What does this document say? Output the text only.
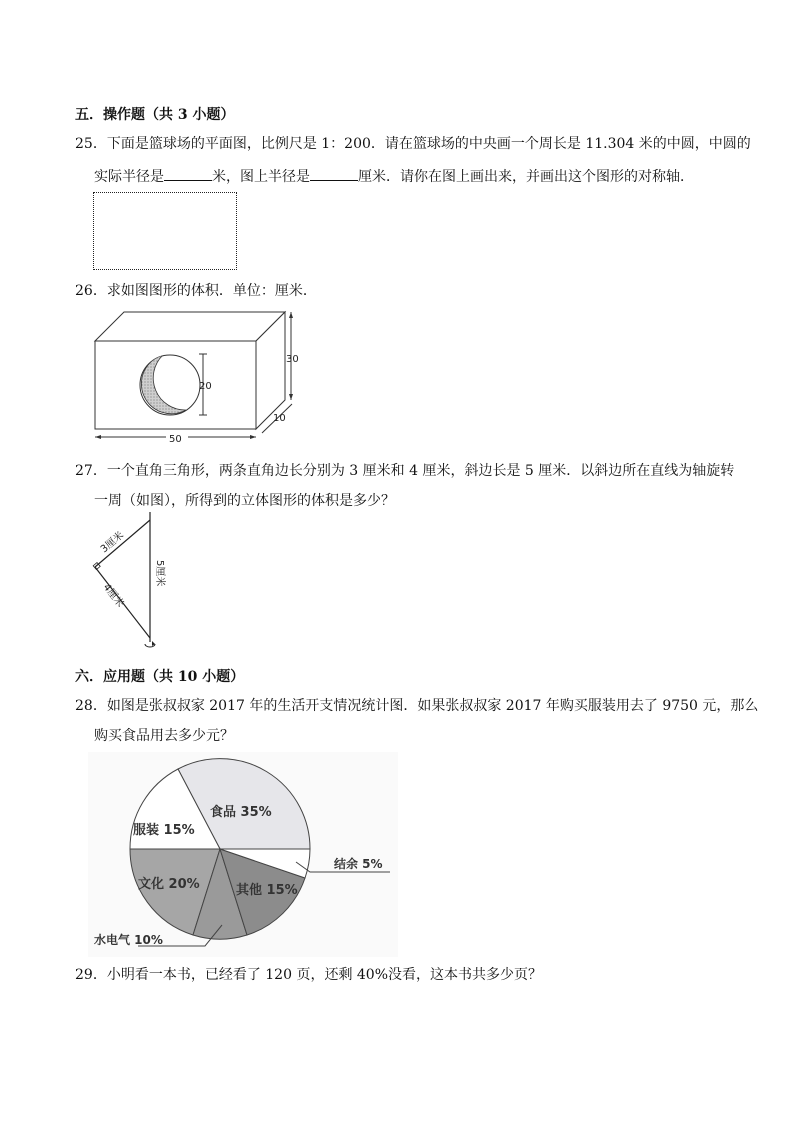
五．操作题（共 3 小题）
25．下面是篮球场的平面图，比例尺是 1：200．请在篮球场的中央画一个周长是 11.304 米的中圆，中圆的
实际半径是	米，图上半径是	厘米．请你在图上画出来，并画出这个图形的对称轴．
26．求如图图形的体积．单位：厘米．
20
30
10
50
27．一个直角三角形，两条直角边长分别为 3 厘米和 4 厘米，斜边长是 5 厘米．以斜边所在直线为轴旋转
一周（如图），所得到的立体图形的体积是多少？
3厘米
4厘米
5厘米
六．应用题（共 10 小题）
28．如图是张叔叔家 2017 年的生活开支情况统计图．如果张叔叔家 2017 年购买服装用去了 9750 元，那么
购买食品用去多少元？
食品 35%
服装 15%
文化 20%	其他 15%
结余 5%
水电气 10%
29．小明看一本书，已经看了 120 页，还剩 40%没看，这本书共多少页？
